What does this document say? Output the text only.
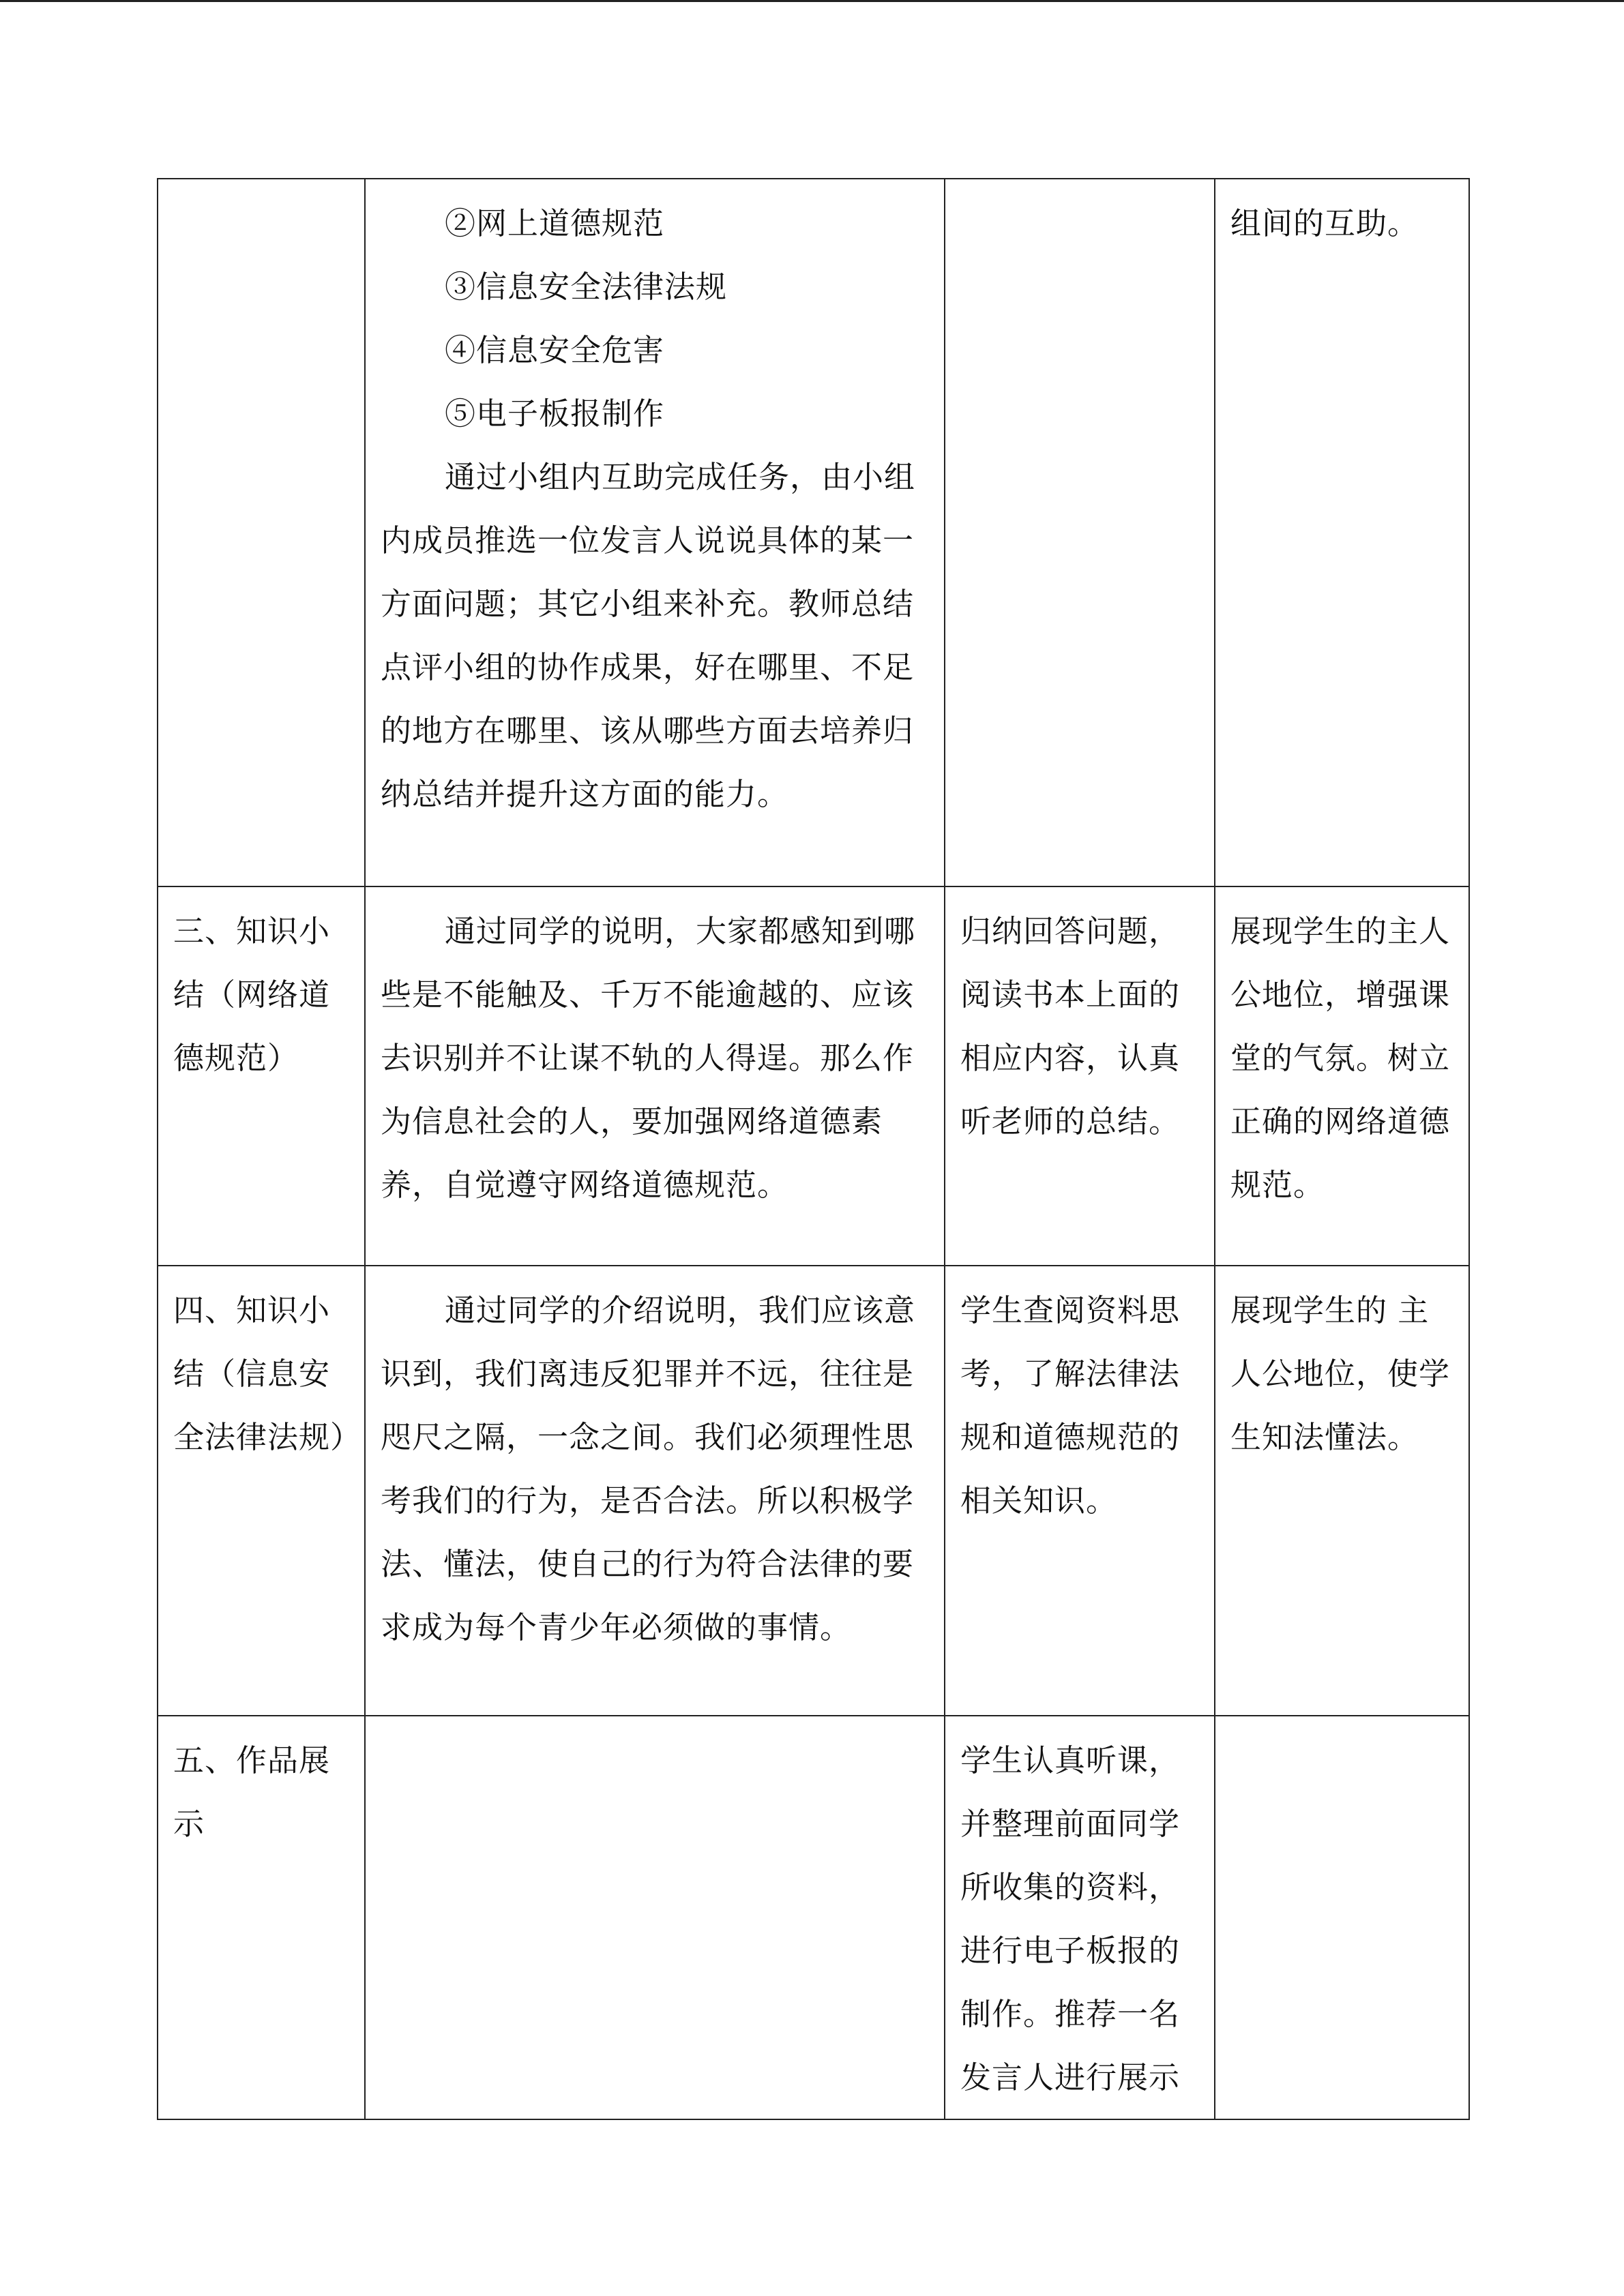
	②网上道德规范

③信息安全法律法规

④信息安全危害

⑤电子板报制作

通过小组内互助完成任务，由小组内成员推选一位发言人说说具体的某一方面问题；其它小组来补充。教师总结点评小组的协作成果，好在哪里、不足的地方在哪里、该从哪些方面去培养归纳总结并提升这方面的能力。		组间的互助。

三、知识小结（网络道德规范）	通过同学的说明，大家都感知到哪些是不能触及、千万不能逾越的、应该去识别并不让谋不轨的人得逞。那么作为信息社会的人，要加强网络道德素养，自觉遵守网络道德规范。	归纳回答问题，阅读书本上面的相应内容，认真听老师的总结。	展现学生的主人公地位，增强课堂的气氛。树立正确的网络道德规范。

四、知识小结（信息安全法律法规）	通过同学的介绍说明，我们应该意识到，我们离违反犯罪并不远，往往是咫尺之隔，一念之间。我们必须理性思考我们的行为，是否合法。所以积极学法、懂法，使自己的行为符合法律的要求成为每个青少年必须做的事情。	学生查阅资料思考，了解法律法规和道德规范的相关知识。	展现学生的 主人公地位，使学生知法懂法。

五、作品展示		学生认真听课，并整理前面同学所收集的资料，进行电子板报的制作。推荐一名发言人进行展示	
